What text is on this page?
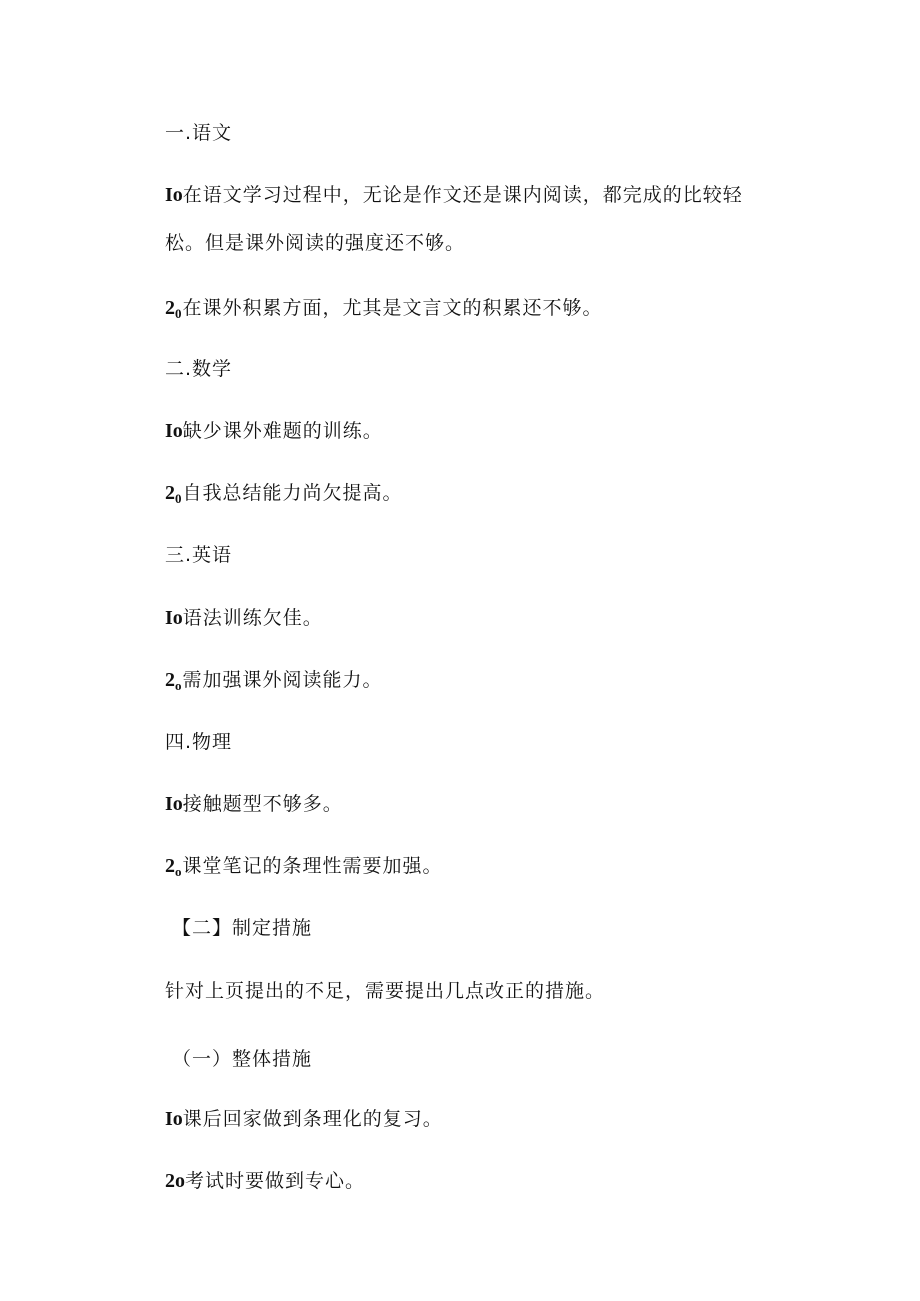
一.语文
Io在语文学习过程中，无论是作文还是课内阅读，都完成的比较轻
松。但是课外阅读的强度还不够。
$2_0$在课外积累方面，尤其是文言文的积累还不够。
二.数学
Io缺少课外难题的训练。
$2_0$自我总结能力尚欠提高。
三.英语
Io语法训练欠佳。
$2_o$需加强课外阅读能力。
四.物理
Io接触题型不够多。
$2_o$课堂笔记的条理性需要加强。
【二】制定措施
针对上页提出的不足，需要提出几点改正的措施。
（一）整体措施
Io课后回家做到条理化的复习。
2o考试时要做到专心。
